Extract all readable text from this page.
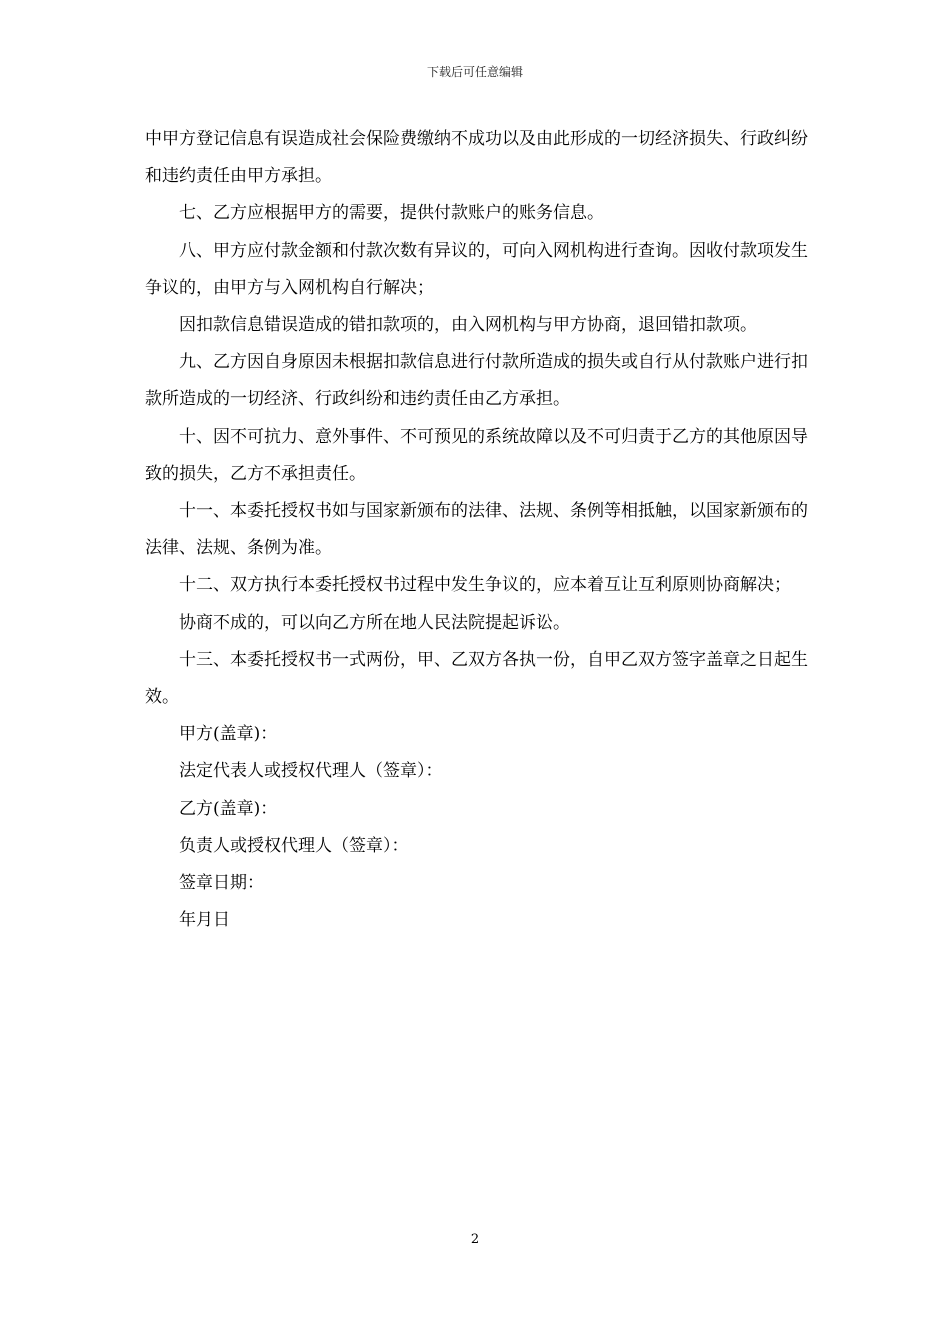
下载后可任意编辑

中甲方登记信息有误造成社会保险费缴纳不成功以及由此形成的一切经济损失、行政纠纷和违约责任由甲方承担。

七、乙方应根据甲方的需要，提供付款账户的账务信息。

八、甲方应付款金额和付款次数有异议的，可向入网机构进行查询。因收付款项发生争议的，由甲方与入网机构自行解决；

因扣款信息错误造成的错扣款项的，由入网机构与甲方协商，退回错扣款项。

九、乙方因自身原因未根据扣款信息进行付款所造成的损失或自行从付款账户进行扣款所造成的一切经济、行政纠纷和违约责任由乙方承担。

十、因不可抗力、意外事件、不可预见的系统故障以及不可归责于乙方的其他原因导致的损失，乙方不承担责任。

十一、本委托授权书如与国家新颁布的法律、法规、条例等相抵触，以国家新颁布的法律、法规、条例为准。

十二、双方执行本委托授权书过程中发生争议的，应本着互让互利原则协商解决；

协商不成的，可以向乙方所在地人民法院提起诉讼。

十三、本委托授权书一式两份，甲、乙双方各执一份，自甲乙双方签字盖章之日起生效。

甲方(盖章)：

法定代表人或授权代理人（签章）：

乙方(盖章)：

负责人或授权代理人（签章）：

签章日期：

年月日

2
